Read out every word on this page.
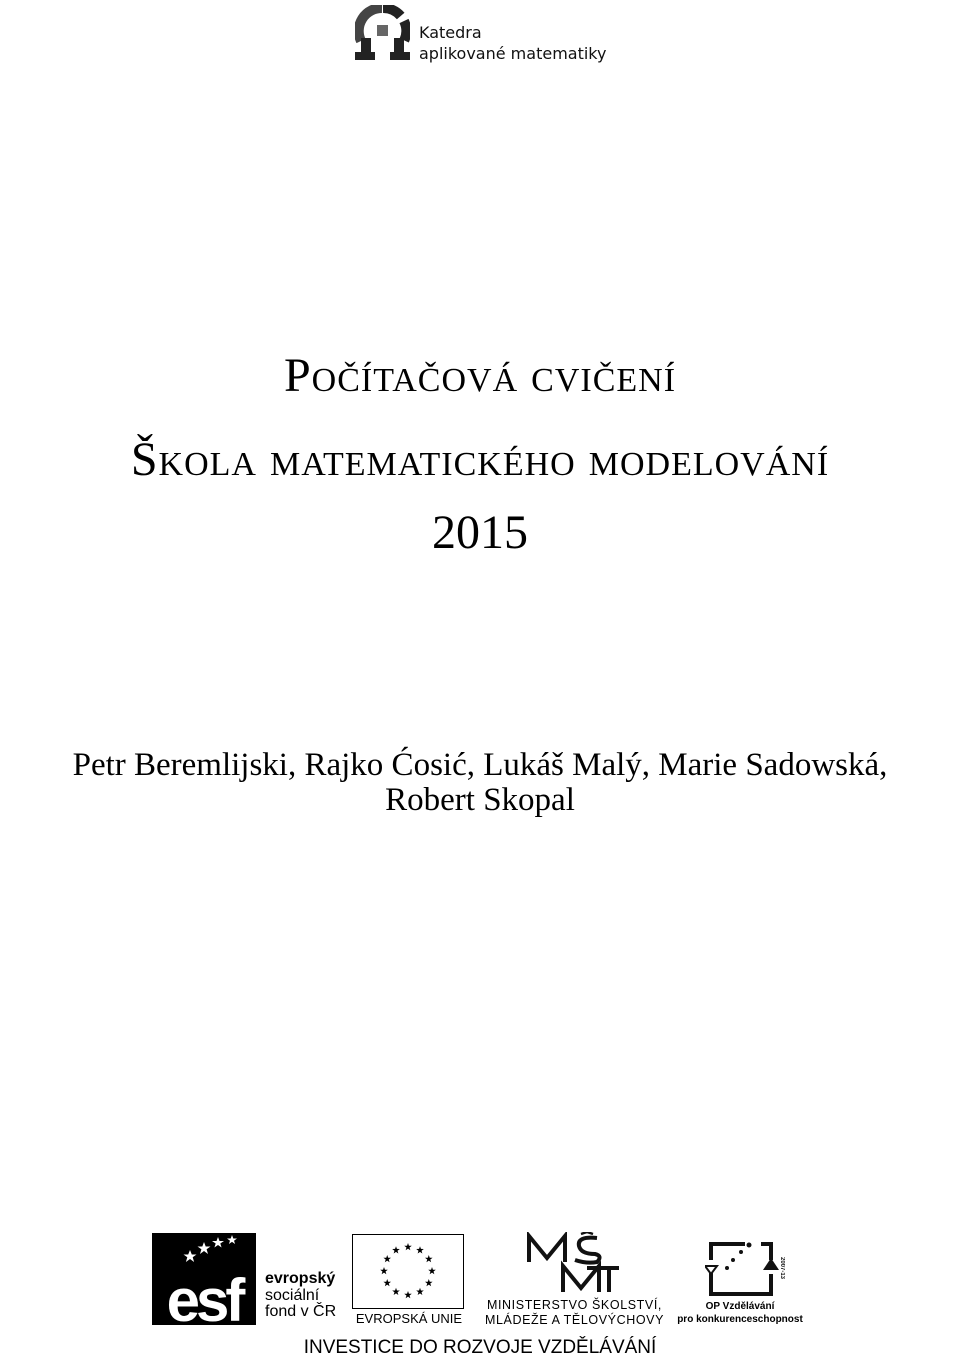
Katedra
aplikované matematiky
Počítačová cvičení
Škola matematického modelování
2015
Petr Beremlijski, Rajko Ćosić, Lukáš Malý, Marie Sadowská,
Robert Skopal
esf	evropský
sociální
fond v ČR EVROPSKÁ UNIE
MINISTERSTVO ŠKOLSTVÍ,
MLÁDEŽE A TĚLOVÝCHOVY
2007-13
OP Vzdělávání
pro konkurenceschopnost
INVESTICE DO ROZVOJE VZDĚLÁVÁNÍ
